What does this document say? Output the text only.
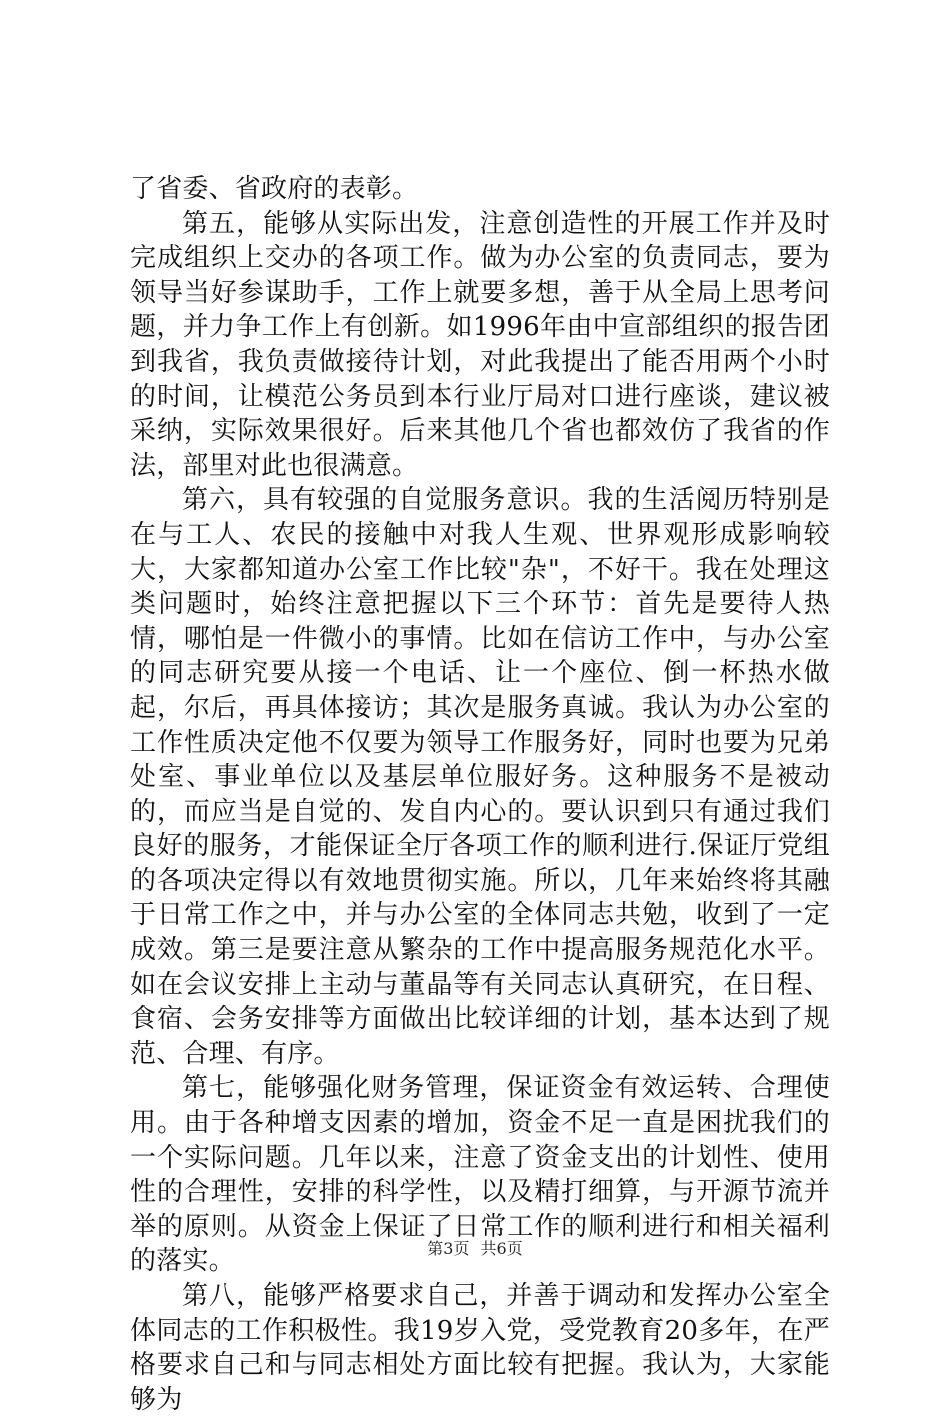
了省委、省政府的表彰。

第五，能够从实际出发，注意创造性的开展工作并及时完成组织上交办的各项工作。做为办公室的负责同志，要为领导当好参谋助手，工作上就要多想，善于从全局上思考问题，并力争工作上有创新。如1996年由中宣部组织的报告团到我省，我负责做接待计划，对此我提出了能否用两个小时的时间，让模范公务员到本行业厅局对口进行座谈，建议被采纳，实际效果很好。后来其他几个省也都效仿了我省的作法，部里对此也很满意。

第六，具有较强的自觉服务意识。我的生活阅历特别是在与工人、农民的接触中对我人生观、世界观形成影响较大，大家都知道办公室工作比较"杂"，不好干。我在处理这类问题时，始终注意把握以下三个环节：首先是要待人热情，哪怕是一件微小的事情。比如在信访工作中，与办公室的同志研究要从接一个电话、让一个座位、倒一杯热水做起，尔后，再具体接访；其次是服务真诚。我认为办公室的工作性质决定他不仅要为领导工作服务好，同时也要为兄弟处室、事业单位以及基层单位服好务。这种服务不是被动的，而应当是自觉的、发自内心的。要认识到只有通过我们良好的服务，才能保证全厅各项工作的顺利进行.保证厅党组的各项决定得以有效地贯彻实施。所以，几年来始终将其融于日常工作之中，并与办公室的全体同志共勉，收到了一定成效。第三是要注意从繁杂的工作中提高服务规范化水平。如在会议安排上主动与董晶等有关同志认真研究，在日程、食宿、会务安排等方面做出比较详细的计划，基本达到了规范、合理、有序。

第七，能够强化财务管理，保证资金有效运转、合理使用。由于各种增支因素的增加，资金不足一直是困扰我们的一个实际问题。几年以来，注意了资金支出的计划性、使用性的合理性，安排的科学性，以及精打细算，与开源节流并举的原则。从资金上保证了日常工作的顺利进行和相关福利的落实。

第八，能够严格要求自己，并善于调动和发挥办公室全体同志的工作积极性。我19岁入党，受党教育20多年，在严格要求自己和与同志相处方面比较有把握。我认为，大家能够为

第3页 共6页
